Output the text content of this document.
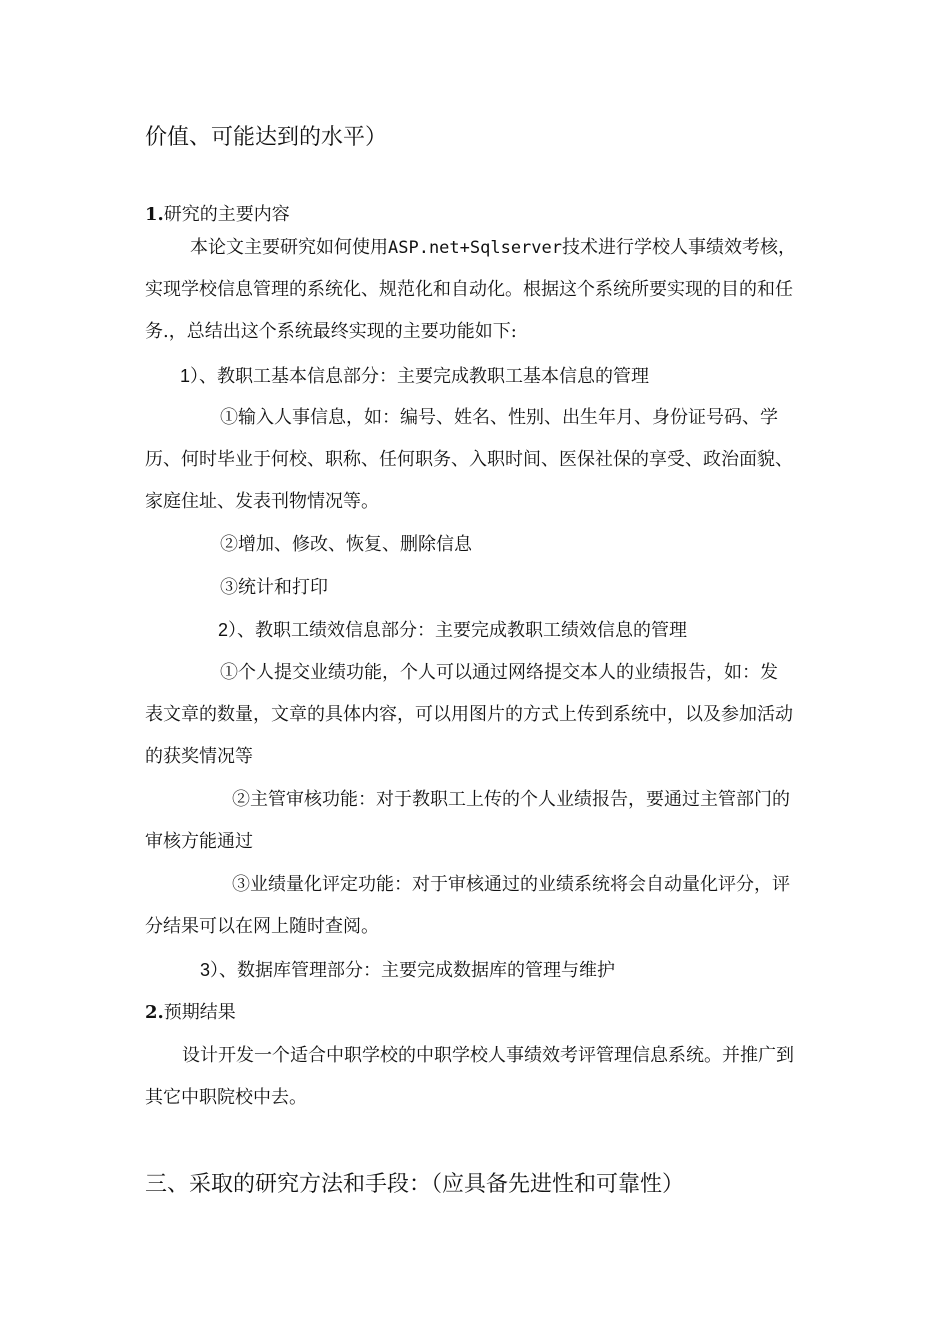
价值、可能达到的水平）
1.研究的主要内容
本论文主要研究如何使用ASP.net+Sqlserver技术进行学校人事绩效考核，
实现学校信息管理的系统化、规范化和自动化。根据这个系统所要实现的目的和任
务.，总结出这个系统最终实现的主要功能如下:
1）、教职工基本信息部分：主要完成教职工基本信息的管理
①输入人事信息，如：编号、姓名、性别、出生年月、身份证号码、学
历、何时毕业于何校、职称、任何职务、入职时间、医保社保的享受、政治面貌、
家庭住址、发表刊物情况等。
②增加、修改、恢复、删除信息
③统计和打印
2）、教职工绩效信息部分：主要完成教职工绩效信息的管理
①个人提交业绩功能，个人可以通过网络提交本人的业绩报告，如：发
表文章的数量，文章的具体内容，可以用图片的方式上传到系统中，以及参加活动
的获奖情况等
②主管审核功能：对于教职工上传的个人业绩报告，要通过主管部门的
审核方能通过
③业绩量化评定功能：对于审核通过的业绩系统将会自动量化评分，评
分结果可以在网上随时查阅。
3）、数据库管理部分：主要完成数据库的管理与维护
2.预期结果
设计开发一个适合中职学校的中职学校人事绩效考评管理信息系统。并推广到
其它中职院校中去。
三、采取的研究方法和手段：（应具备先进性和可靠性）
